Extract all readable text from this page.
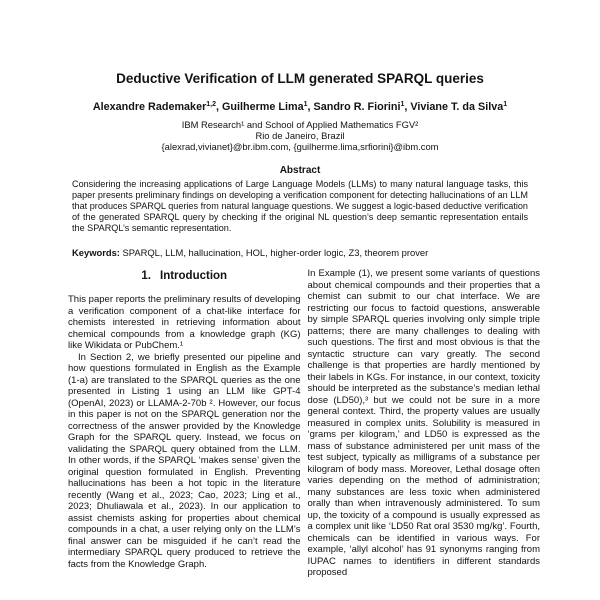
Deductive Verification of LLM generated SPARQL queries
Alexandre Rademaker$^{1,2}$, Guilherme Lima$^1$, Sandro R. Fiorini$^1$, Viviane T. da Silva$^1$
IBM Research¹ and School of Applied Mathematics FGV²
Rio de Janeiro, Brazil
{alexrad,vivianet}@br.ibm.com, {guilherme.lima,srfiorini}@ibm.com
Abstract
Considering the increasing applications of Large Language Models (LLMs) to many natural language tasks, this paper presents preliminary findings on developing a verification component for detecting hallucinations of an LLM that produces SPARQL queries from natural language questions. We suggest a logic-based deductive verification of the generated SPARQL query by checking if the original NL question’s deep semantic representation entails the SPARQL’s semantic representation.
Keywords: SPARQL, LLM, hallucination, HOL, higher-order logic, Z3, theorem prover
1. Introduction

This paper reports the preliminary results of developing a verification component of a chat-like interface for chemists interested in retrieving information about chemical compounds from a knowledge graph (KG) like Wikidata or PubChem.¹

In Section 2, we briefly presented our pipeline and how questions formulated in English as the Example (1-a) are translated to the SPARQL queries as the one presented in Listing 1 using an LLM like GPT-4 (OpenAI, 2023) or LLAMA-2-70b ². However, our focus in this paper is not on the SPARQL generation nor the correctness of the answer provided by the Knowledge Graph for the SPARQL query. Instead, we focus on validating the SPARQL query obtained from the LLM. In other words, if the SPARQL ‘makes sense’ given the original question formulated in English. Preventing hallucinations has been a hot topic in the literature recently (Wang et al., 2023; Cao, 2023; Ling et al., 2023; Dhuliawala et al., 2023). In our application to assist chemists asking for properties about chemical compounds in a chat, a user relying only on the LLM’s final answer can be misguided if he can’t read the intermediary SPARQL query produced to retrieve the facts from the Knowledge Graph.

In Example (1), we present some variants of questions about chemical compounds and their properties that a chemist can submit to our chat interface. We are restricting our focus to factoid questions, answerable by simple SPARQL queries involving only simple triple patterns; there are many challenges to dealing with such questions. The first and most obvious is that the syntactic structure can vary greatly. The second challenge is that properties are hardly mentioned by their labels in KGs. For instance, in our context, toxicity should be interpreted as the substance’s median lethal dose (LD50),³ but we could not be sure in a more general context. Third, the property values are usually measured in complex units. Solubility is measured in ‘grams per kilogram,’ and LD50 is expressed as the mass of substance administered per unit mass of the test subject, typically as milligrams of a substance per kilogram of body mass. Moreover, Lethal dosage often varies depending on the method of administration; many substances are less toxic when administered orally than when intravenously administered. To sum up, the toxicity of a compound is usually expressed as a complex unit like ‘LD50 Rat oral 3530 mg/kg’. Fourth, chemicals can be identified in various ways. For example, ‘allyl alcohol’ has 91 synonyms ranging from IUPAC names to identifiers in different standards proposed
